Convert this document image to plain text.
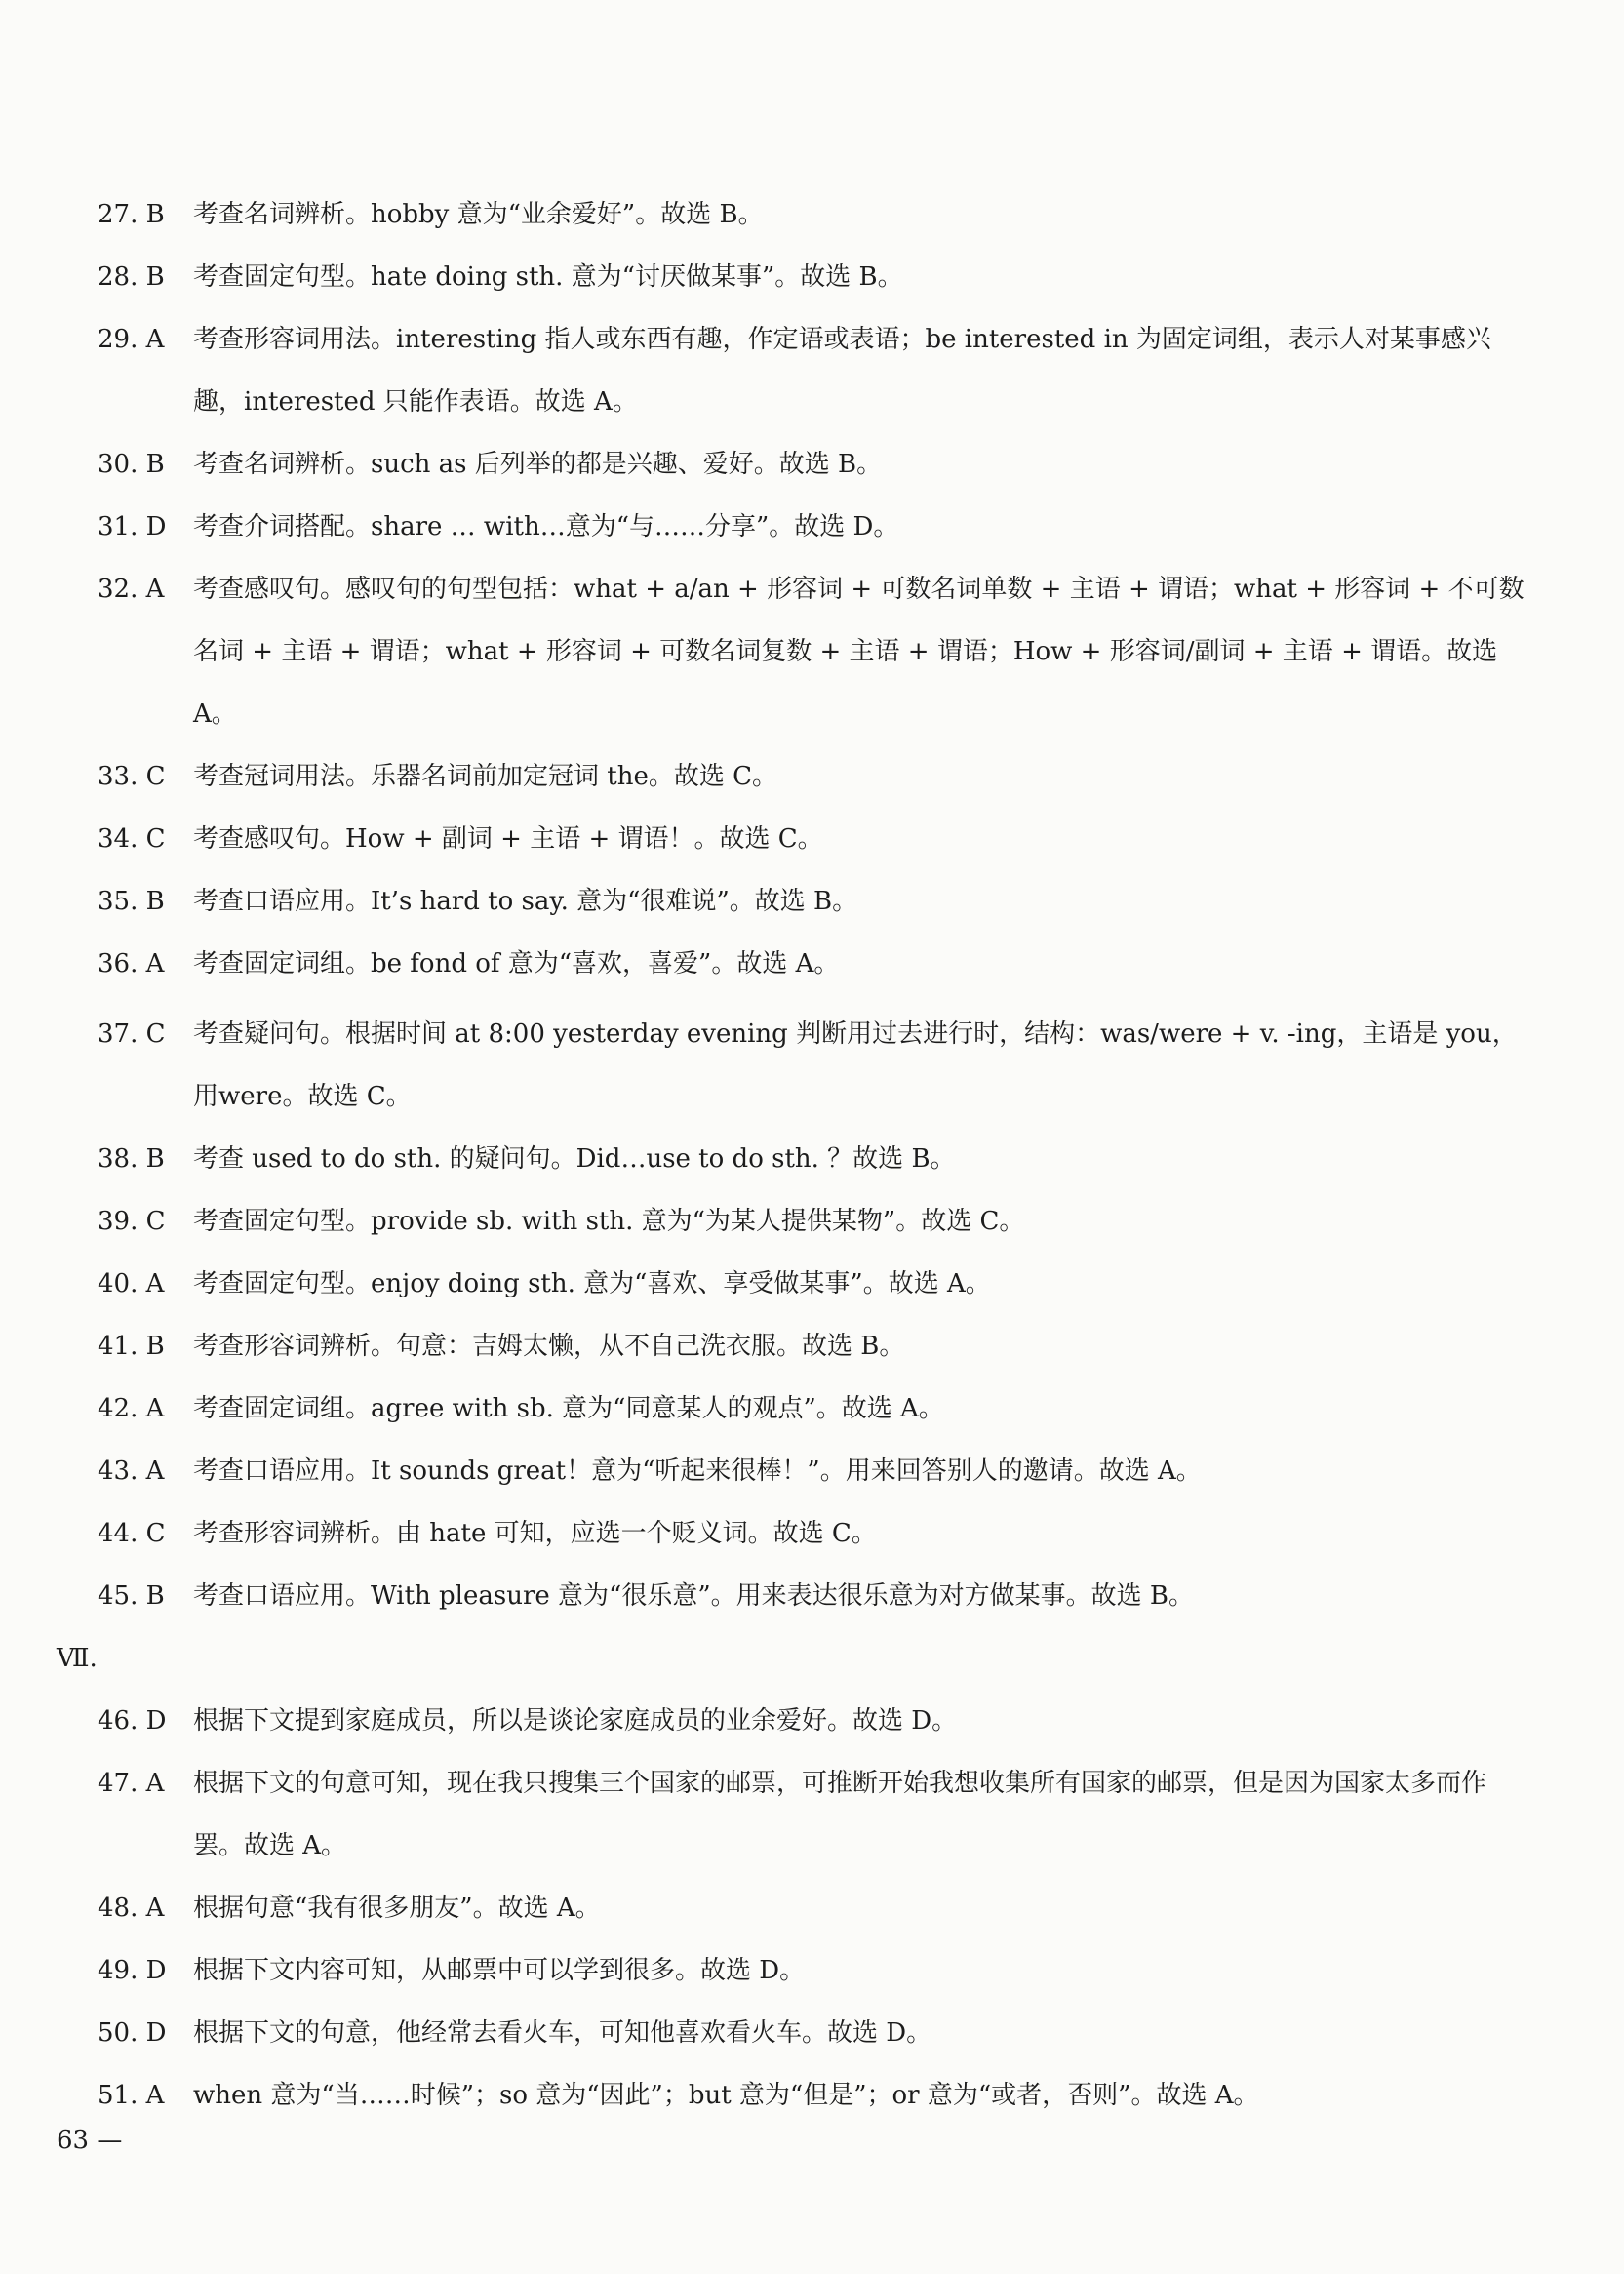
27. B	考查名词辨析。hobby 意为“业余爱好”。故选 B。
28. B	考查固定句型。hate doing sth. 意为“讨厌做某事”。故选 B。
29. A	考查形容词用法。interesting 指人或东西有趣，作定语或表语；be interested in 为固定词组，表示人对某事感兴趣，interested 只能作表语。故选 A。
30. B	考查名词辨析。such as 后列举的都是兴趣、爱好。故选 B。
31. D	考查介词搭配。share … with…意为“与……分享”。故选 D。
32. A	考查感叹句。感叹句的句型包括：what + a/an + 形容词 + 可数名词单数 + 主语 + 谓语；what + 形容词 + 不可数名词 + 主语 + 谓语；what + 形容词 + 可数名词复数 + 主语 + 谓语；How + 形容词/副词 + 主语 + 谓语。故选 A。
33. C	考查冠词用法。乐器名词前加定冠词 the。故选 C。
34. C	考查感叹句。How + 副词 + 主语 + 谓语！。故选 C。
35. B	考查口语应用。It’s hard to say. 意为“很难说”。故选 B。
36. A	考查固定词组。be fond of 意为“喜欢，喜爱”。故选 A。
37. C	考查疑问句。根据时间 at 8:00 yesterday evening 判断用过去进行时，结构：was/were + v. -ing，主语是 you，用were。故选 C。
38. B	考查 used to do sth. 的疑问句。Did…use to do sth. ？故选 B。
39. C	考查固定句型。provide sb. with sth. 意为“为某人提供某物”。故选 C。
40. A	考查固定句型。enjoy doing sth. 意为“喜欢、享受做某事”。故选 A。
41. B	考查形容词辨析。句意：吉姆太懒，从不自己洗衣服。故选 B。
42. A	考查固定词组。agree with sb. 意为“同意某人的观点”。故选 A。
43. A	考查口语应用。It sounds great！意为“听起来很棒！”。用来回答别人的邀请。故选 A。
44. C	考查形容词辨析。由 hate 可知，应选一个贬义词。故选 C。
45. B	考查口语应用。With pleasure 意为“很乐意”。用来表达很乐意为对方做某事。故选 B。
Ⅶ.
46. D	根据下文提到家庭成员，所以是谈论家庭成员的业余爱好。故选 D。
47. A	根据下文的句意可知，现在我只搜集三个国家的邮票，可推断开始我想收集所有国家的邮票，但是因为国家太多而作罢。故选 A。
48. A	根据句意“我有很多朋友”。故选 A。
49. D	根据下文内容可知，从邮票中可以学到很多。故选 D。
50. D	根据下文的句意，他经常去看火车，可知他喜欢看火车。故选 D。
51. A	when 意为“当……时候”；so 意为“因此”；but 意为“但是”；or 意为“或者，否则”。故选 A。
63 —
